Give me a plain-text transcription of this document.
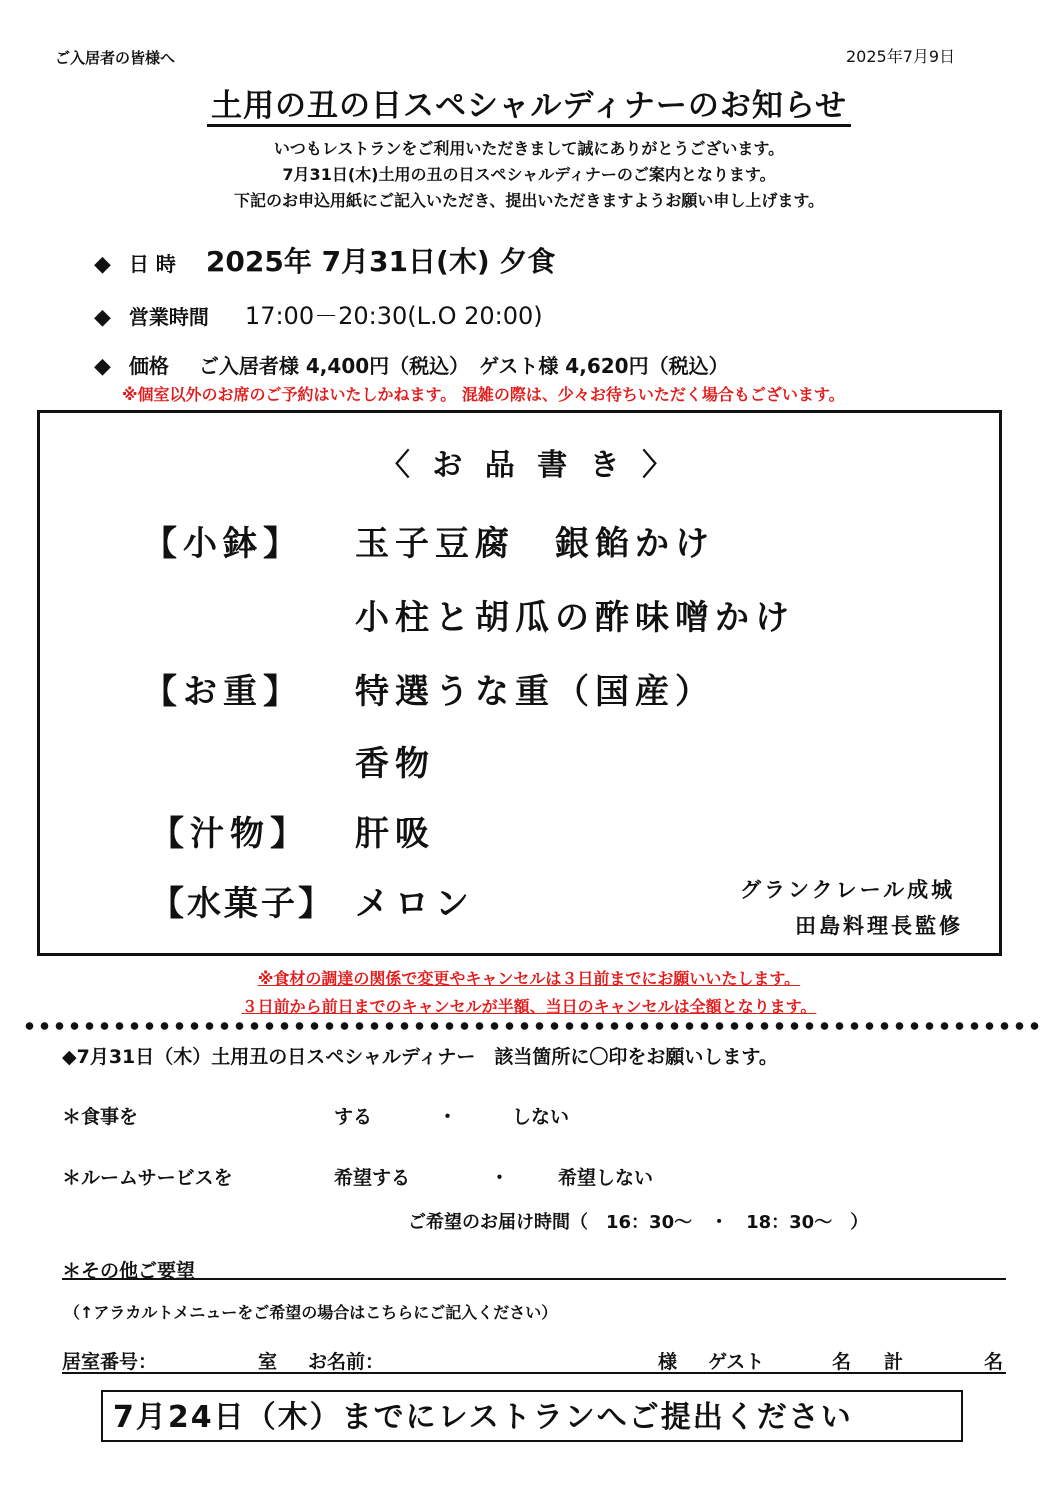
ご入居者の皆様へ	2025年7月9日
土用の丑の日スペシャルディナーのお知らせ
いつもレストランをご利用いただきまして誠にありがとうございます。
7月31日(木)土用の丑の日スペシャルディナーのご案内となります。
下記のお申込用紙にご記入いただき、提出いただきますようお願い申し上げます。
◆ 日 時 2025年 7月31日(木) 夕食
◆ 営業時間 17:00－20:30(L.O 20:00)
◆ 価格 ご入居者様 4,400円（税込）　ゲスト様 4,620円（税込）
※個室以外のお席のご予約はいたしかねます。 混雑の際は、少々お待ちいただく場合もございます。
〈 お 品 書 き 〉
【小鉢】 玉子豆腐　銀餡かけ
小柱と胡瓜の酢味噌かけ
【お重】 特選うな重（国産）
香物
【汁物】 肝吸
【水菓子】 メロン	グランクレール成城
田島料理長監修
※食材の調達の関係で変更やキャンセルは３日前までにお願いいたします。
３日前から前日までのキャンセルが半額、当日のキャンセルは全額となります。
◆7月31日（木）土用丑の日スペシャルディナー　該当箇所に〇印をお願いします。
＊食事を	する	・	しない
＊ルームサービスを	希望する	・	希望しない
ご希望のお届け時間（　16：30～　・　18：30～　）
＊その他ご要望
（↑アラカルトメニューをご希望の場合はこちらにご記入ください）
居室番号：	室 お名前：	様 ゲスト	名 計	名
7月24日（木）までにレストランへご提出ください
